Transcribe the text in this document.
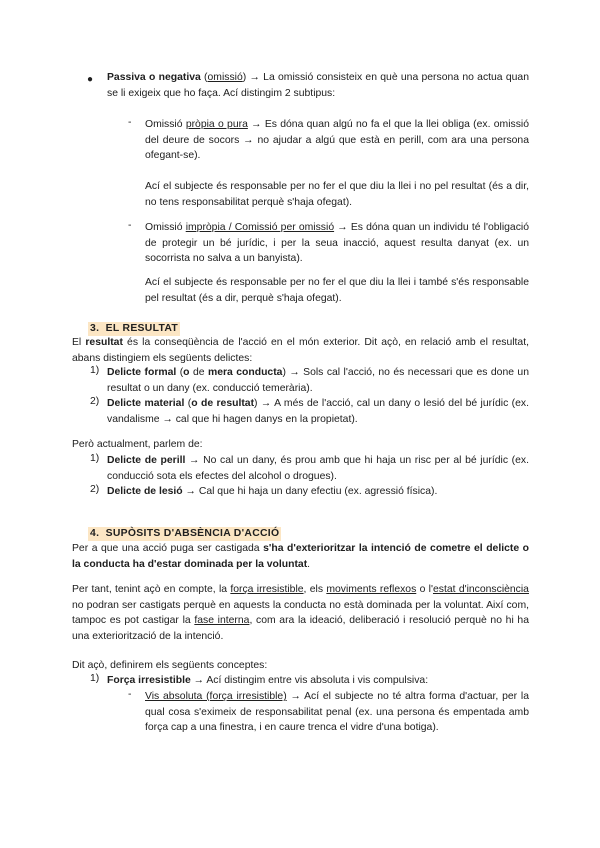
● Passiva o negativa (omissió) → La omissió consisteix en què una persona no actua quan se li exigeix que ho faça. Ací distingim 2 subtipus:

- Omissió pròpia o pura → Es dóna quan algú no fa el que la llei obliga (ex. omissió del deure de socors → no ajudar a algú que està en perill, com ara una persona ofegant-se).

Ací el subjecte és responsable per no fer el que diu la llei i no pel resultat (és a dir, no tens responsabilitat perquè s'haja ofegat).

- Omissió impròpia / Comissió per omissió → Es dóna quan un individu té l'obligació de protegir un bé jurídic, i per la seua inacció, aquest resulta danyat (ex. un socorrista no salva a un banyista).

Ací el subjecte és responsable per no fer el que diu la llei i també s'és responsable pel resultat (és a dir, perquè s'haja ofegat).

3. EL RESULTAT

El resultat és la conseqüència de l'acció en el món exterior. Dit açò, en relació amb el resultat, abans distingiem els següents delictes:

1) Delicte formal (o de mera conducta) → Sols cal l'acció, no és necessari que es done un resultat o un dany (ex. conducció temerària).

2) Delicte material (o de resultat) → A més de l'acció, cal un dany o lesió del bé jurídic (ex. vandalisme → cal que hi hagen danys en la propietat).

Però actualment, parlem de:

1) Delicte de perill → No cal un dany, és prou amb que hi haja un risc per al bé jurídic (ex. conducció sota els efectes del alcohol o drogues).

2) Delicte de lesió → Cal que hi haja un dany efectiu (ex. agressió física).

4. SUPÒSITS D'ABSÈNCIA D'ACCIÓ

Per a que una acció puga ser castigada s'ha d'exterioritzar la intenció de cometre el delicte o la conducta ha d'estar dominada per la voluntat.

Per tant, tenint açò en compte, la força irresistible, els moviments reflexos o l'estat d'inconsciència no podran ser castigats perquè en aquests la conducta no està dominada per la voluntat. Així com, tampoc es pot castigar la fase interna, com ara la ideació, deliberació i resolució perquè no hi ha una exteriorització de la intenció.

Dit açò, definirem els següents conceptes:

1) Força irresistible → Ací distingim entre vis absoluta i vis compulsiva:

- Vis absoluta (força irresistible) → Ací el subjecte no té altra forma d'actuar, per la qual cosa s'eximeix de responsabilitat penal (ex. una persona és empentada amb força cap a una finestra, i en caure trenca el vidre d'una botiga).
